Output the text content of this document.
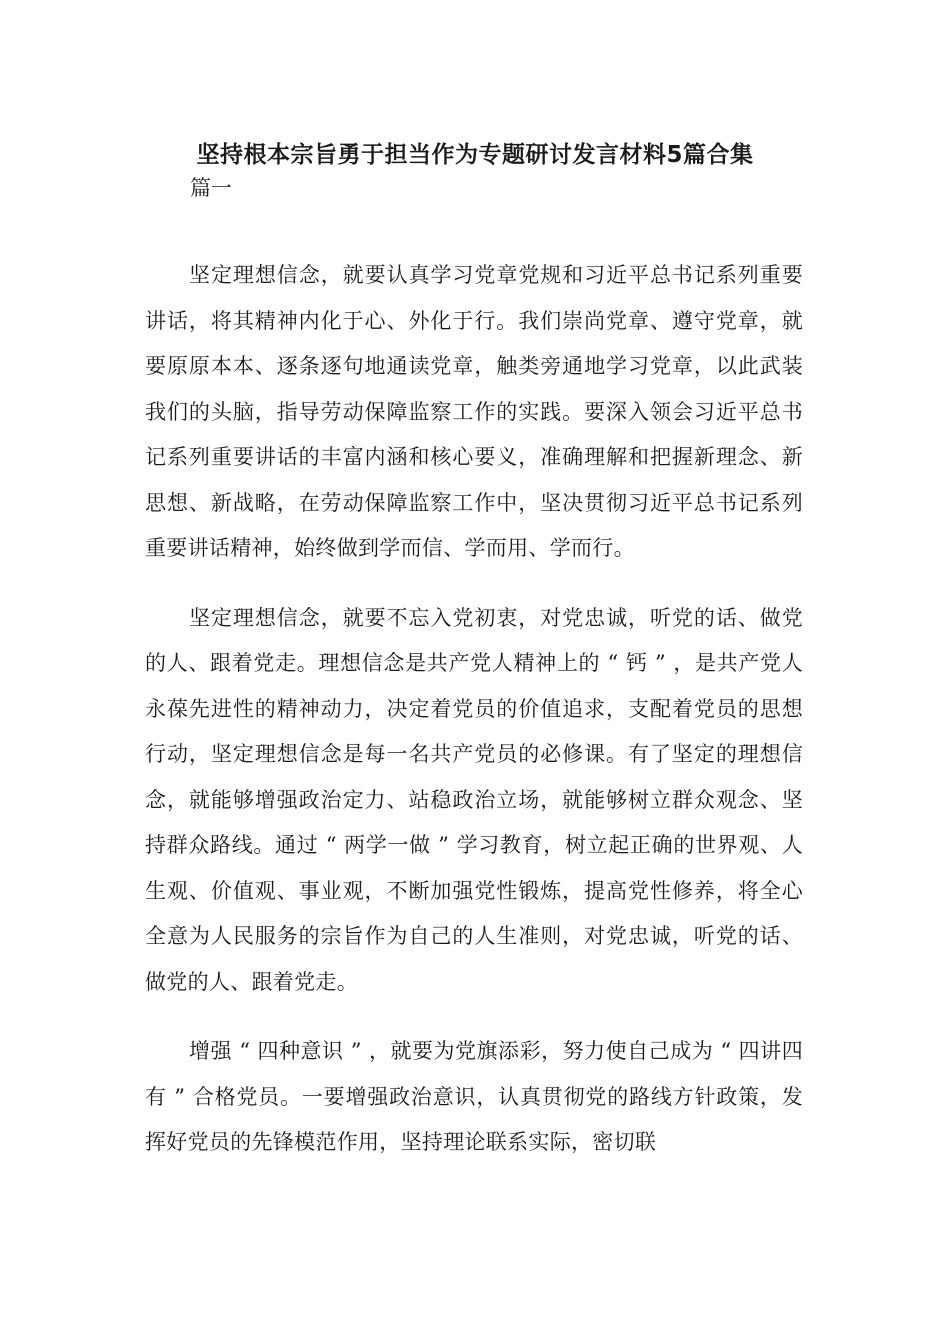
坚持根本宗旨勇于担当作为专题研讨发言材料5篇合集

篇一

坚定理想信念，就要认真学习党章党规和习近平总书记系列重要讲话，将其精神内化于心、外化于行。我们崇尚党章、遵守党章，就要原原本本、逐条逐句地通读党章，触类旁通地学习党章，以此武装我们的头脑，指导劳动保障监察工作的实践。要深入领会习近平总书记系列重要讲话的丰富内涵和核心要义，准确理解和把握新理念、新思想、新战略，在劳动保障监察工作中，坚决贯彻习近平总书记系列重要讲话精神，始终做到学而信、学而用、学而行。

坚定理想信念，就要不忘入党初衷，对党忠诚，听党的话、做党的人、跟着党走。理想信念是共产党人精神上的 “ 钙 ” ，是共产党人永葆先进性的精神动力，决定着党员的价值追求，支配着党员的思想行动，坚定理想信念是每一名共产党员的必修课。有了坚定的理想信念，就能够增强政治定力、站稳政治立场，就能够树立群众观念、坚持群众路线。通过 “ 两学一做 ” 学习教育，树立起正确的世界观、人生观、价值观、事业观，不断加强党性锻炼，提高党性修养，将全心全意为人民服务的宗旨作为自己的人生准则，对党忠诚，听党的话、做党的人、跟着党走。

增强 “ 四种意识 ” ，就要为党旗添彩，努力使自己成为 “ 四讲四有 ” 合格党员。一要增强政治意识，认真贯彻党的路线方针政策，发挥好党员的先锋模范作用，坚持理论联系实际，密切联
